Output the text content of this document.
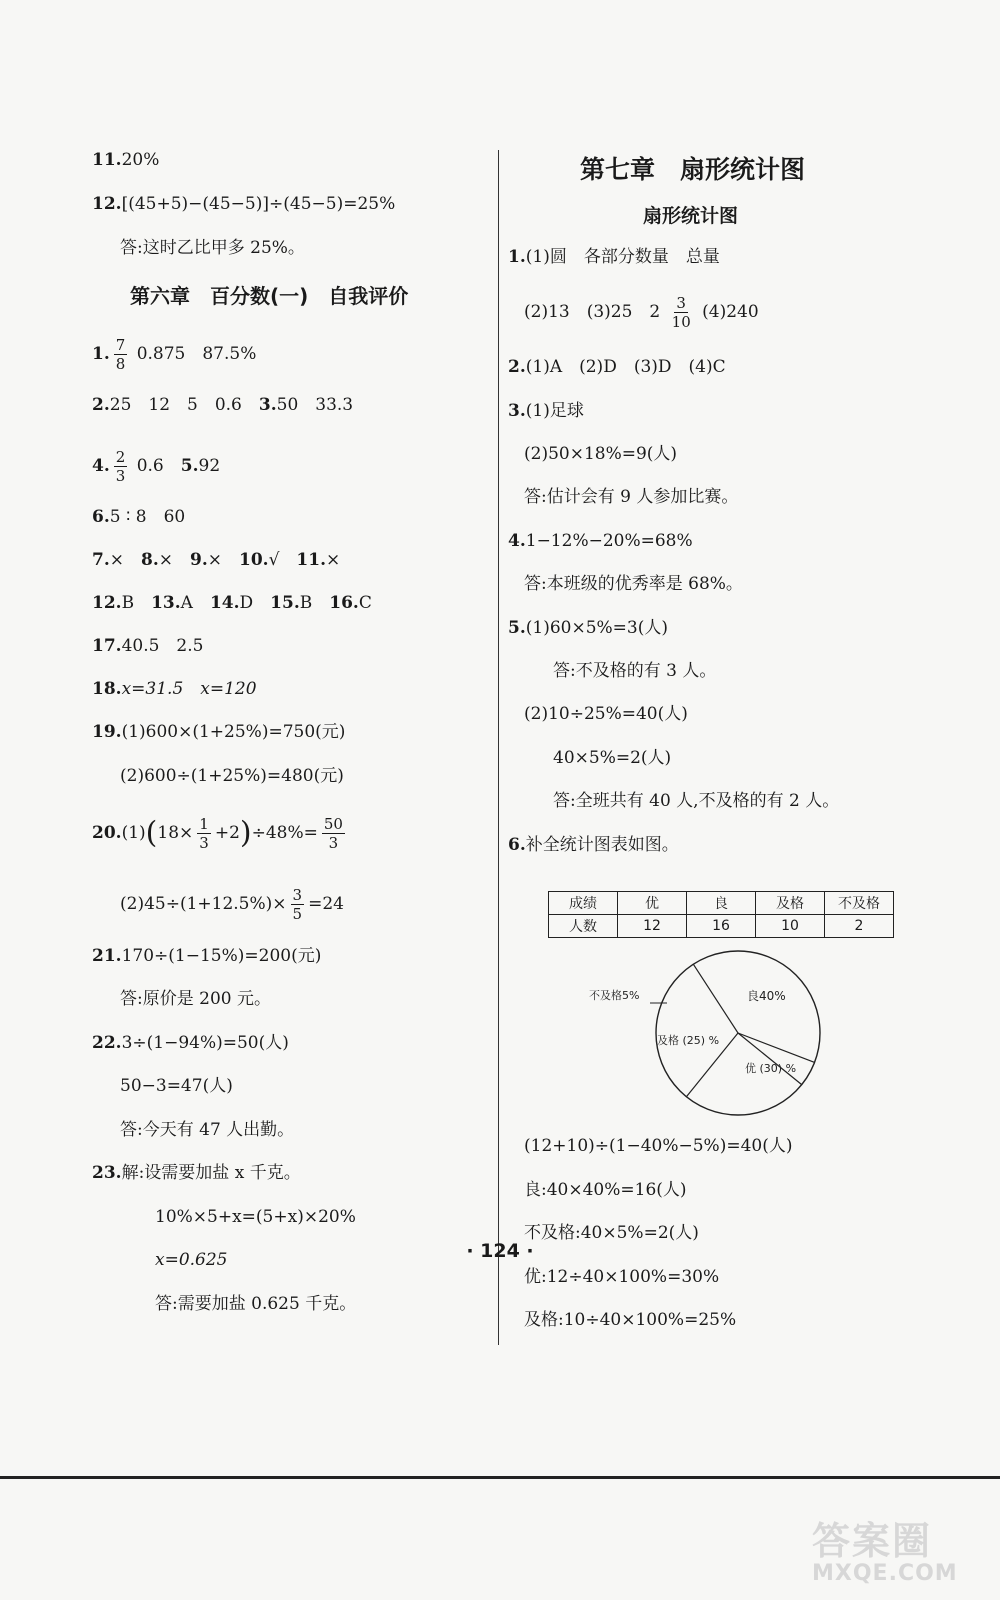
11.20%
12.[(45+5)−(45−5)]÷(45−5)=25%
答:这时乙比甲多 25%。
第六章　百分数(一)　自我评价
1. $\frac{7}{8} 0.875$　87.5%
2.25　12　5　0.6　3.50　33.3
4. $\frac{2}{3} 0.6$　5.92
6.5 ∶ 8　60
7.×　8.×　9.×　10.√　11.×
12.B　13.A　14.D　15.B　16.C
17.40.5　2.5
18.x=31.5　x=120
19.(1)600×(1+25%)=750(元)
(2)600÷(1+25%)=480(元)
$20.(1)(18\times \frac{1}{3} +2)\div 48\%= \frac{50}{3}$
$(2)45\div(1+12.5\%)\times \frac{3}{5} =24$
21.170÷(1−15%)=200(元)
答:原价是 200 元。
22.3÷(1−94%)=50(人)
50−3=47(人)
答:今天有 47 人出勤。
23.解:设需要加盐 x 千克。
10%×5+x=(5+x)×20%
x=0.625
答:需要加盐 0.625 千克。
第七章　扇形统计图
扇形统计图
1.(1)圆　各部分数量　总量
(2)13　(3)25　$2 \frac{3}{10} (4)240$
2.(1)A　(2)D　(3)D　(4)C
3.(1)足球
(2)50×18%=9(人)
答:估计会有 9 人参加比赛。
4.1−12%−20%=68%
答:本班级的优秀率是 68%。
5.(1)60×5%=3(人)
答:不及格的有 3 人。
(2)10÷25%=40(人)
40×5%=2(人)
答:全班共有 40 人,不及格的有 2 人。
6.补全统计图表如图。
成绩	优	良	及格	不及格
人数	12	16	10	2
良40%
不及格5%
及格 (25) %
优 (30) %
(12+10)÷(1−40%−5%)=40(人)
良:40×40%=16(人)
不及格:40×5%=2(人)
优:12÷40×100%=30%
及格:10÷40×100%=25%
· 124 ·
答案圈
MXQE.COM
